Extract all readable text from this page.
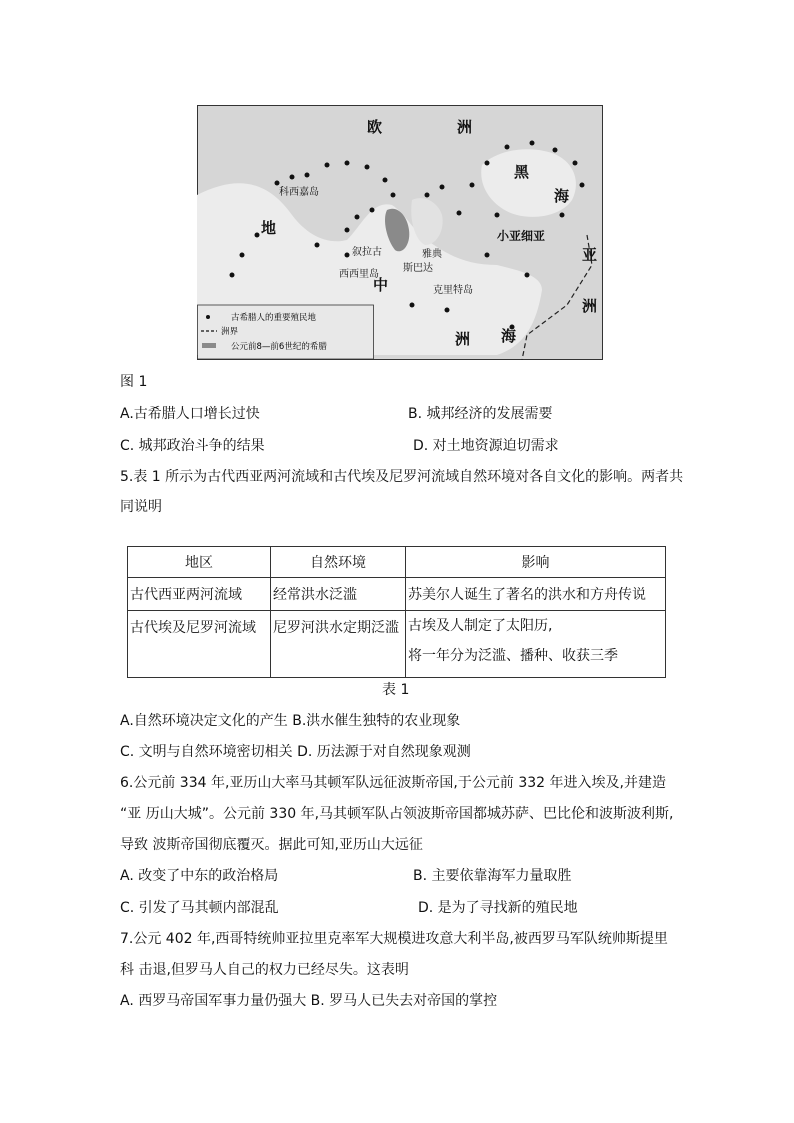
欧	洲
黑
海
小亚细亚
亚
洲
地
中
海
洲
科西嘉岛
叙拉古
西西里岛
斯巴达
雅典
克里特岛
古希腊人的重要殖民地
洲界
公元前8—前6世纪的希腊
图 1
A.古希腊人口增长过快	B. 城邦经济的发展需要
C. 城邦政治斗争的结果	D. 对土地资源迫切需求
5.表 1 所示为古代西亚两河流域和古代埃及尼罗河流域自然环境对各自文化的影响。两者共
同说明
地区	自然环境	影响
古代西亚两河流域	经常洪水泛滥	苏美尔人诞生了著名的洪水和方舟传说
古代埃及尼罗河流域	尼罗河洪水定期泛滥	古埃及人制定了太阳历,
将一年分为泛滥、播种、收获三季
表 1
A.自然环境决定文化的产生 B.洪水催生独特的农业现象
C. 文明与自然环境密切相关 D. 历法源于对自然现象观测
6.公元前 334 年,亚历山大率马其顿军队远征波斯帝国,于公元前 332 年进入埃及,并建造
“亚 历山大城”。公元前 330 年,马其顿军队占领波斯帝国都城苏萨、巴比伦和波斯波利斯,
导致 波斯帝国彻底覆灭。据此可知,亚历山大远征
A. 改变了中东的政治格局	B. 主要依靠海军力量取胜
C. 引发了马其顿内部混乱	D. 是为了寻找新的殖民地
7.公元 402 年,西哥特统帅亚拉里克率军大规模进攻意大利半岛,被西罗马军队统帅斯提里
科 击退,但罗马人自己的权力已经尽失。这表明
A. 西罗马帝国军事力量仍强大 B. 罗马人已失去对帝国的掌控
